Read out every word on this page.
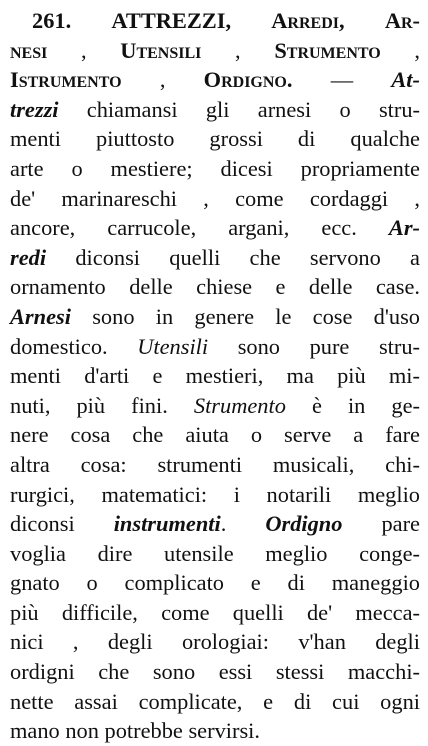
261. ATTREZZI, Arredi, Ar-
nesi , Utensili , Strumento ,
Istrumento , Ordigno. — At-
trezzi chiamansi gli arnesi o stru-
menti piuttosto grossi di qualche
arte o mestiere; dicesi propriamente
de' marinareschi , come cordaggi ,
ancore, carrucole, argani, ecc. Ar-
redi diconsi quelli che servono a
ornamento delle chiese e delle case.
Arnesi sono in genere le cose d'uso
domestico. Utensili sono pure stru-
menti d'arti e mestieri, ma più mi-
nuti, più fini. Strumento è in ge-
nere cosa che aiuta o serve a fare
altra cosa: strumenti musicali, chi-
rurgici, matematici: i notarili meglio
diconsi instrumenti. Ordigno pare
voglia dire utensile meglio conge-
gnato o complicato e di maneggio
più difficile, come quelli de' mecca-
nici , degli orologiai: v'han degli
ordigni che sono essi stessi macchi-
nette assai complicate, e di cui ogni
mano non potrebbe servirsi.
